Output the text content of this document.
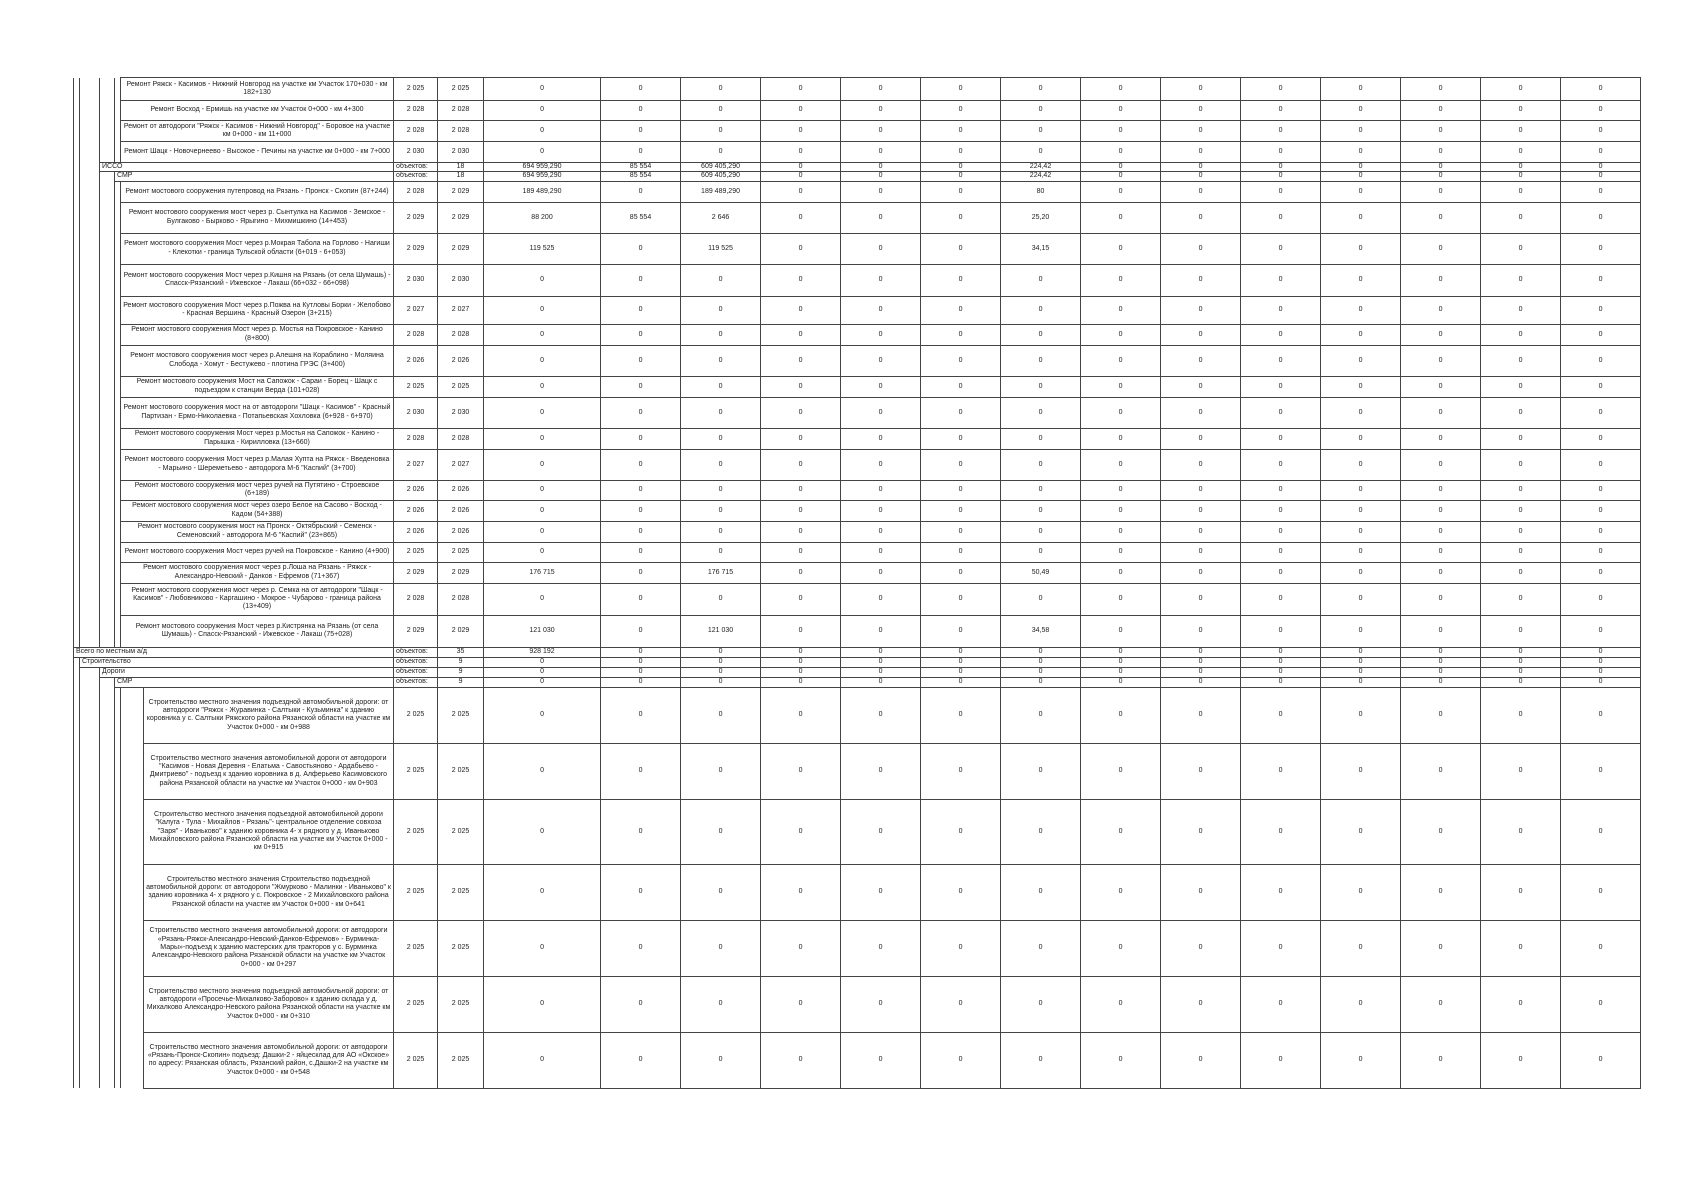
				Ремонт Ряжск - Касимов - Нижний Новгород на участке км Участок 170+030 - км 182+130		2 025	2 025	0	0	0	0	0	0	0	0	0	0	0	0	0	0
				Ремонт Восход - Ермишь на участке км Участок 0+000 - км 4+300		2 028	2 028	0	0	0	0	0	0	0	0	0	0	0	0	0	0
				Ремонт от автодороги "Ряжск - Касимов - Нижний Новгород" - Боровое на участке км 0+000 - км 11+000		2 028	2 028	0	0	0	0	0	0	0	0	0	0	0	0	0	0
				Ремонт Шацк - Новочернеево - Высокое - Печины на участке км 0+000 - км 7+000		2 030	2 030	0	0	0	0	0	0	0	0	0	0	0	0	0	0
		ИССО				объектов:	18	694 959,290	85 554	609 405,290	0	0	0	224,42	0	0	0	0	0	0	0
			СМР			объектов:	18	694 959,290	85 554	609 405,290	0	0	0	224,42	0	0	0	0	0	0	0
				Ремонт мостового сооружения путепровод на Рязань - Пронск - Скопин (87+244)		2 028	2 029	189 489,290	0	189 489,290	0	0	0	80	0	0	0	0	0	0	0
				Ремонт мостового сооружения мост через р. Сынтулка на Касимов - Земское - Булгаково - Бырково - Ярыгино - Михмишкино (14+453)		2 029	2 029	88 200	85 554	2 646	0	0	0	25,20	0	0	0	0	0	0	0
				Ремонт мостового сооружения Мост через р.Мокрая Табола на Горлово - Нагиши - Клекотки - граница Тульской области (6+019 - 6+053)		2 029	2 029	119 525	0	119 525	0	0	0	34,15	0	0	0	0	0	0	0
				Ремонт мостового сооружения Мост через р.Кишня на Рязань (от села Шумашь) - Спасск-Рязанский - Ижевское - Лакаш (66+032 - 66+098)		2 030	2 030	0	0	0	0	0	0	0	0	0	0	0	0	0	0
				Ремонт мостового сооружения Мост через р.Пожва на Кутловы Борки - Желобово - Красная Вершина - Красный Озерон (3+215)		2 027	2 027	0	0	0	0	0	0	0	0	0	0	0	0	0	0
				Ремонт мостового сооружения Мост через р. Мостья на Покровское - Канино (8+800)		2 028	2 028	0	0	0	0	0	0	0	0	0	0	0	0	0	0
				Ремонт мостового сооружения мост через р.Алешня на Кораблино - Моляина Слобода - Хомут - Бестужево - плотина ГРЭС (3+400)		2 026	2 026	0	0	0	0	0	0	0	0	0	0	0	0	0	0
				Ремонт мостового сооружения Мост на Сапожок - Сараи - Борец - Шацк с подъездом к станции Верда (101+028)		2 025	2 025	0	0	0	0	0	0	0	0	0	0	0	0	0	0
				Ремонт мостового сооружения мост на от автодороги "Шацк - Касимов" - Красный Партизан - Ермо-Николаевка - Потапьевская Хохловка (6+928 - 6+970)		2 030	2 030	0	0	0	0	0	0	0	0	0	0	0	0	0	0
				Ремонт мостового сооружения Мост через р.Мостья на Сапожок - Канино - Парышка - Кирилловка (13+660)		2 028	2 028	0	0	0	0	0	0	0	0	0	0	0	0	0	0
				Ремонт мостового сооружения Мост через р.Малая Хупта на Ряжск - Введеновка - Марьино - Шереметьево - автодорога М-6 "Каспий" (3+700)		2 027	2 027	0	0	0	0	0	0	0	0	0	0	0	0	0	0
				Ремонт мостового сооружения мост через ручей на Путятино - Строевское (6+189)		2 026	2 026	0	0	0	0	0	0	0	0	0	0	0	0	0	0
				Ремонт мостового сооружения мост через озеро Белое на Сасово - Восход - Кадом (54+388)		2 026	2 026	0	0	0	0	0	0	0	0	0	0	0	0	0	0
				Ремонт мостового сооружения мост на Пронск - Октябрьский - Семенск - Семеновский - автодорога М-6 "Каспий" (23+865)		2 026	2 026	0	0	0	0	0	0	0	0	0	0	0	0	0	0
				Ремонт мостового сооружения Мост через ручей на Покровское - Канино (4+900)		2 025	2 025	0	0	0	0	0	0	0	0	0	0	0	0	0	0
				Ремонт мостового сооружения мост через р.Лоша на Рязань - Ряжск - Александро-Невский - Данков - Ефремов (71+367)		2 029	2 029	176 715	0	176 715	0	0	0	50,49	0	0	0	0	0	0	0
				Ремонт мостового сооружения мост через р. Семка на от автодороги "Шацк - Касимов" - Любовниково - Каргашино - Мокрое - Чубарово - граница района (13+409)		2 028	2 028	0	0	0	0	0	0	0	0	0	0	0	0	0	0
				Ремонт мостового сооружения Мост через р.Кистрянка на Рязань (от села Шумашь) - Спасск-Рязанский - Ижевское - Лакаш (75+028)		2 029	2 029	121 030	0	121 030	0	0	0	34,58	0	0	0	0	0	0	0
Всего по местным а/д						объектов:	35	928 192	0	0	0	0	0	0	0	0	0	0	0	0	0
	Строительство					объектов:	9	0	0	0	0	0	0	0	0	0	0	0	0	0	0
		Дороги				объектов:	9	0	0	0	0	0	0	0	0	0	0	0	0	0	0
			СМР			объектов:	9	0	0	0	0	0	0	0	0	0	0	0	0	0	0
					Строительство местного значения подъездной автомобильной дороги: от автодороги "Ряжск - Журавинка - Салтыки - Кузьминка" к зданию коровника у с. Салтыки Ряжского района Рязанской области на участке км Участок 0+000 - км 0+988	2 025	2 025	0	0	0	0	0	0	0	0	0	0	0	0	0	0
					Строительство местного значения автомобильной дороги от автодороги "Касимов - Новая Деревня - Елатьма - Савостьяново - Ардабьево - Дмитриево" - подъезд к зданию коровника в д. Алферьево Касимовского района Рязанской области на участке км Участок 0+000 - км 0+903	2 025	2 025	0	0	0	0	0	0	0	0	0	0	0	0	0	0
					Строительство местного значения подъездной автомобильной дороги "Калуга - Тула - Михайлов - Рязань"- центральное отделение совхоза "Заря" - Иваньково" к зданию коровника 4- х рядного у д. Иваньково Михайловского района Рязанской области на участке км Участок 0+000 - км 0+915	2 025	2 025	0	0	0	0	0	0	0	0	0	0	0	0	0	0
					Строительство местного значения Строительство подъездной автомобильной дороги: от автодороги "Жмурково - Малинки - Иваньково" к зданию коровника 4- х рядного у с. Покровское - 2 Михайловского района Рязанской области на участке км Участок 0+000 - км 0+641	2 025	2 025	0	0	0	0	0	0	0	0	0	0	0	0	0	0
					Строительство местного значения автомобильной дороги: от автодороги «Рязань-Ряжск-Александро-Невский-Данков-Ефремов» - Бурминка-Мары»-подъезд к зданию мастерских для тракторов у с. Бурминка Александро-Невского района Рязанской области на участке км Участок 0+000 - км 0+297	2 025	2 025	0	0	0	0	0	0	0	0	0	0	0	0	0	0
					Строительство местного значения подъездной автомобильной дороги: от автодороги «Просечье-Михалково-Заборово» к зданию склада у д. Михалково Александро-Невского района Рязанской области на участке км Участок 0+000 - км 0+310	2 025	2 025	0	0	0	0	0	0	0	0	0	0	0	0	0	0
					Строительство местного значения автомобильной дороги: от автодороги «Рязань-Пронск-Скопин» подъезд: Дашки-2 - яйцесклад для АО «Окское» по адресу: Рязанская область, Рязанский район, с.Дашки-2 на участке км Участок 0+000 - км 0+548	2 025	2 025	0	0	0	0	0	0	0	0	0	0	0	0	0	0
